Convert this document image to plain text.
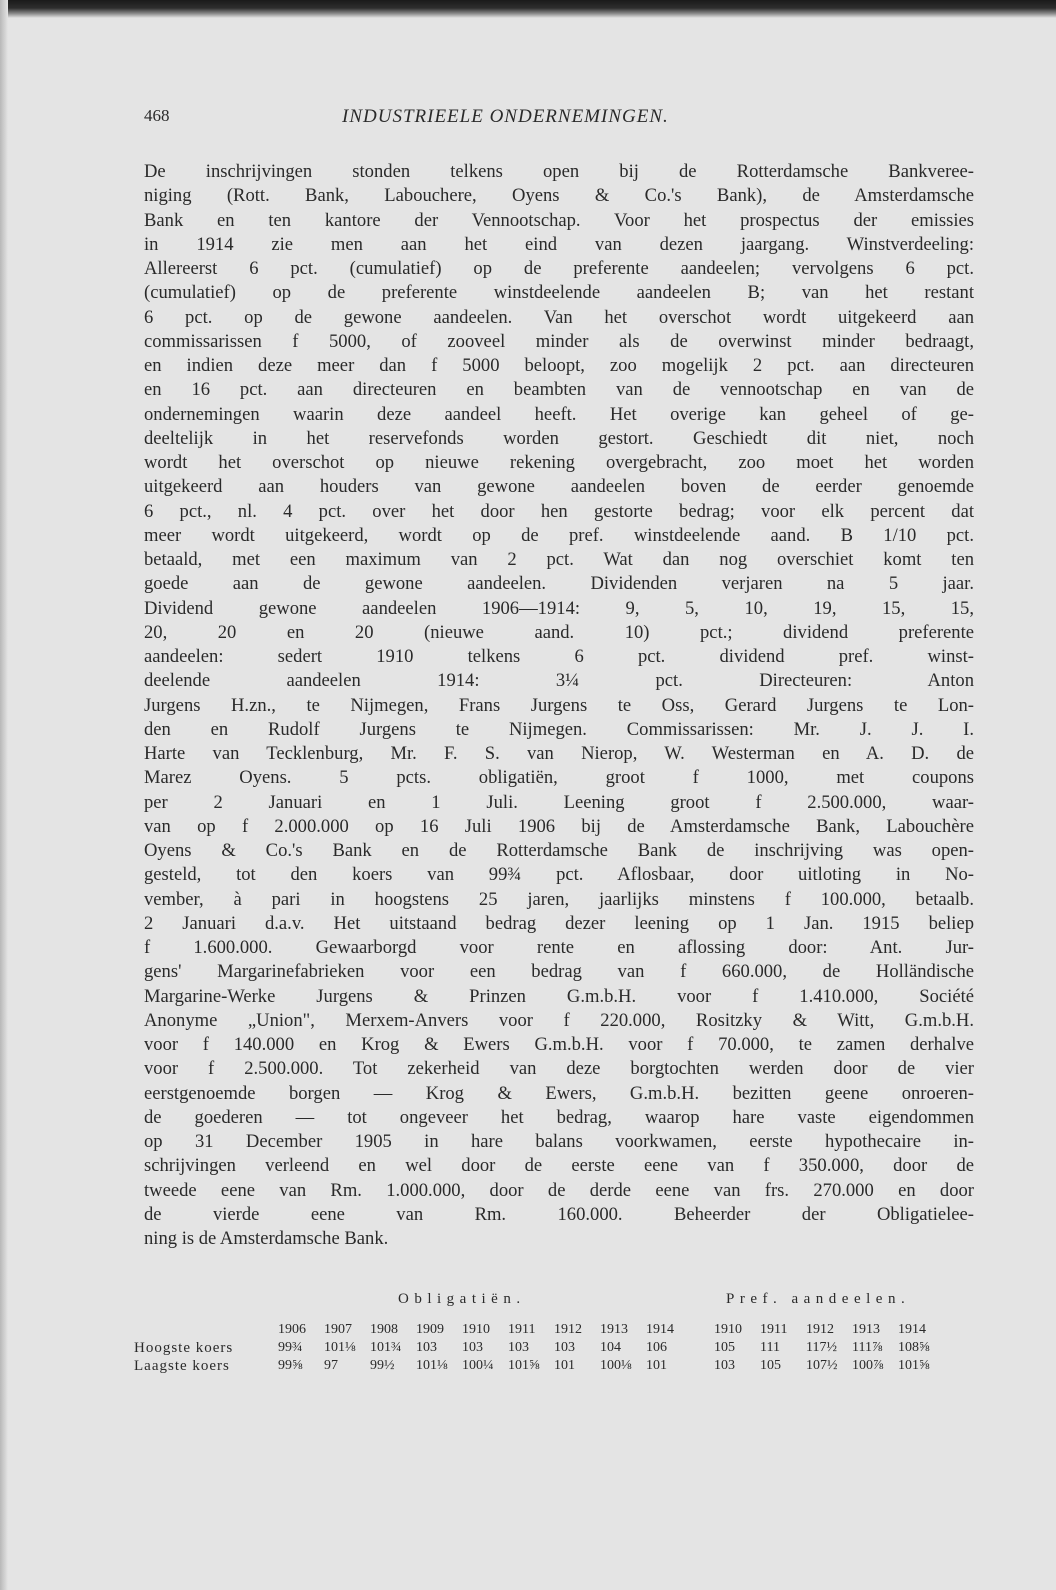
468	INDUSTRIEELE ONDERNEMINGEN.
De inschrijvingen stonden telkens open bij de Rotterdamsche Bankveree-
niging (Rott. Bank, Labouchere, Oyens & Co.'s Bank), de Amsterdamsche
Bank en ten kantore der Vennootschap. Voor het prospectus der emissies
in 1914 zie men aan het eind van dezen jaargang. Winstverdeeling:
Allereerst 6 pct. (cumulatief) op de preferente aandeelen; vervolgens 6 pct.
(cumulatief) op de preferente winstdeelende aandeelen B; van het restant
6 pct. op de gewone aandeelen. Van het overschot wordt uitgekeerd aan
commissarissen f 5000, of zooveel minder als de overwinst minder bedraagt,
en indien deze meer dan f 5000 beloopt, zoo mogelijk 2 pct. aan directeuren
en 16 pct. aan directeuren en beambten van de vennootschap en van de
ondernemingen waarin deze aandeel heeft. Het overige kan geheel of ge-
deeltelijk in het reservefonds worden gestort. Geschiedt dit niet, noch
wordt het overschot op nieuwe rekening overgebracht, zoo moet het worden
uitgekeerd aan houders van gewone aandeelen boven de eerder genoemde
6 pct., nl. 4 pct. over het door hen gestorte bedrag; voor elk percent dat
meer wordt uitgekeerd, wordt op de pref. winstdeelende aand. B 1/10 pct.
betaald, met een maximum van 2 pct. Wat dan nog overschiet komt ten
goede aan de gewone aandeelen. Dividenden verjaren na 5 jaar.
Dividend gewone aandeelen 1906—1914: 9, 5, 10, 19, 15, 15,
20, 20 en 20 (nieuwe aand. 10) pct.; dividend preferente
aandeelen: sedert 1910 telkens 6 pct. dividend pref. winst-
deelende aandeelen 1914: 3¼ pct. Directeuren: Anton
Jurgens H.zn., te Nijmegen, Frans Jurgens te Oss, Gerard Jurgens te Lon-
den en Rudolf Jurgens te Nijmegen. Commissarissen: Mr. J. J. I.
Harte van Tecklenburg, Mr. F. S. van Nierop, W. Westerman en A. D. de
Marez Oyens. 5 pcts. obligatiën, groot f 1000, met coupons
per 2 Januari en 1 Juli. Leening groot f 2.500.000, waar-
van op f 2.000.000 op 16 Juli 1906 bij de Amsterdamsche Bank, Labouchère
Oyens & Co.'s Bank en de Rotterdamsche Bank de inschrijving was open-
gesteld, tot den koers van 99¾ pct. Aflosbaar, door uitloting in No-
vember, à pari in hoogstens 25 jaren, jaarlijks minstens f 100.000, betaalb.
2 Januari d.a.v. Het uitstaand bedrag dezer leening op 1 Jan. 1915 beliep
f 1.600.000. Gewaarborgd voor rente en aflossing door: Ant. Jur-
gens' Margarinefabrieken voor een bedrag van f 660.000, de Holländische
Margarine-Werke Jurgens & Prinzen G.m.b.H. voor f 1.410.000, Société
Anonyme „Union", Merxem-Anvers voor f 220.000, Rositzky & Witt, G.m.b.H.
voor f 140.000 en Krog & Ewers G.m.b.H. voor f 70.000, te zamen derhalve
voor f 2.500.000. Tot zekerheid van deze borgtochten werden door de vier
eerstgenoemde borgen — Krog & Ewers, G.m.b.H. bezitten geene onroeren-
de goederen — tot ongeveer het bedrag, waarop hare vaste eigendommen
op 31 December 1905 in hare balans voorkwamen, eerste hypothecaire in-
schrijvingen verleend en wel door de eerste eene van f 350.000, door de
tweede eene van Rm. 1.000.000, door de derde eene van frs. 270.000 en door
de vierde eene van Rm. 160.000. Beheerder der Obligatielee-
ning is de Amsterdamsche Bank.
Obligatiën.	Pref. aandeelen.
	1906	1907	1908	1909	1910	1911	1912	1913	1914		1910	1911	1912	1913	1914
Hoogste koers	99¾	101⅛	101¾	103	103	103	103	104	106		105	111	117½	111⅞	108⅝
Laagste koers	99⅝	97	99½	101⅛	100¼	101⅝	101	100⅛	101		103	105	107½	100⅞	101⅝
